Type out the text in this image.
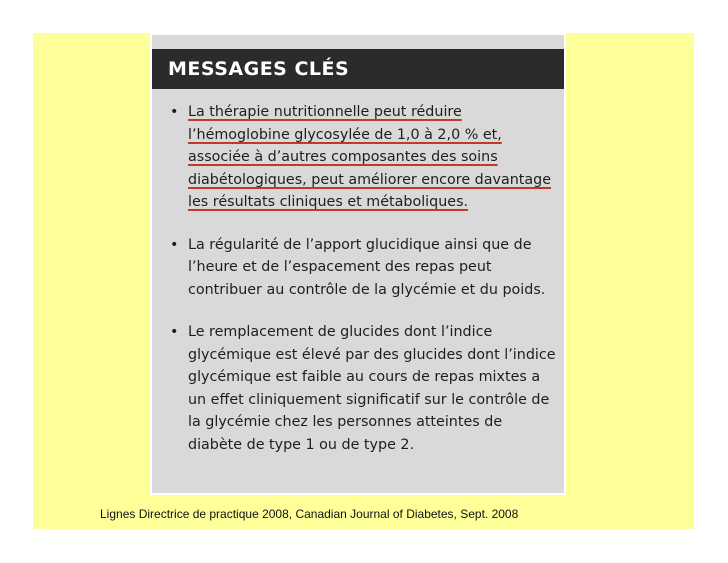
MESSAGES CLÉS
• La thérapie nutritionnelle peut réduire l’hémoglobine glycosylée de 1,0 à 2,0 % et, associée à d’autres composantes des soins diabétologiques, peut améliorer encore davantage les résultats cliniques et métaboliques.
• La régularité de l’apport glucidique ainsi que de l’heure et de l’espacement des repas peut contribuer au contrôle de la glycémie et du poids.
• Le remplacement de glucides dont l’indice glycémique est élevé par des glucides dont l’indice glycémique est faible au cours de repas mixtes a un effet cliniquement significatif sur le contrôle de la glycémie chez les personnes atteintes de diabète de type 1 ou de type 2.
Lignes Directrice de practique 2008, Canadian Journal of Diabetes, Sept. 2008
